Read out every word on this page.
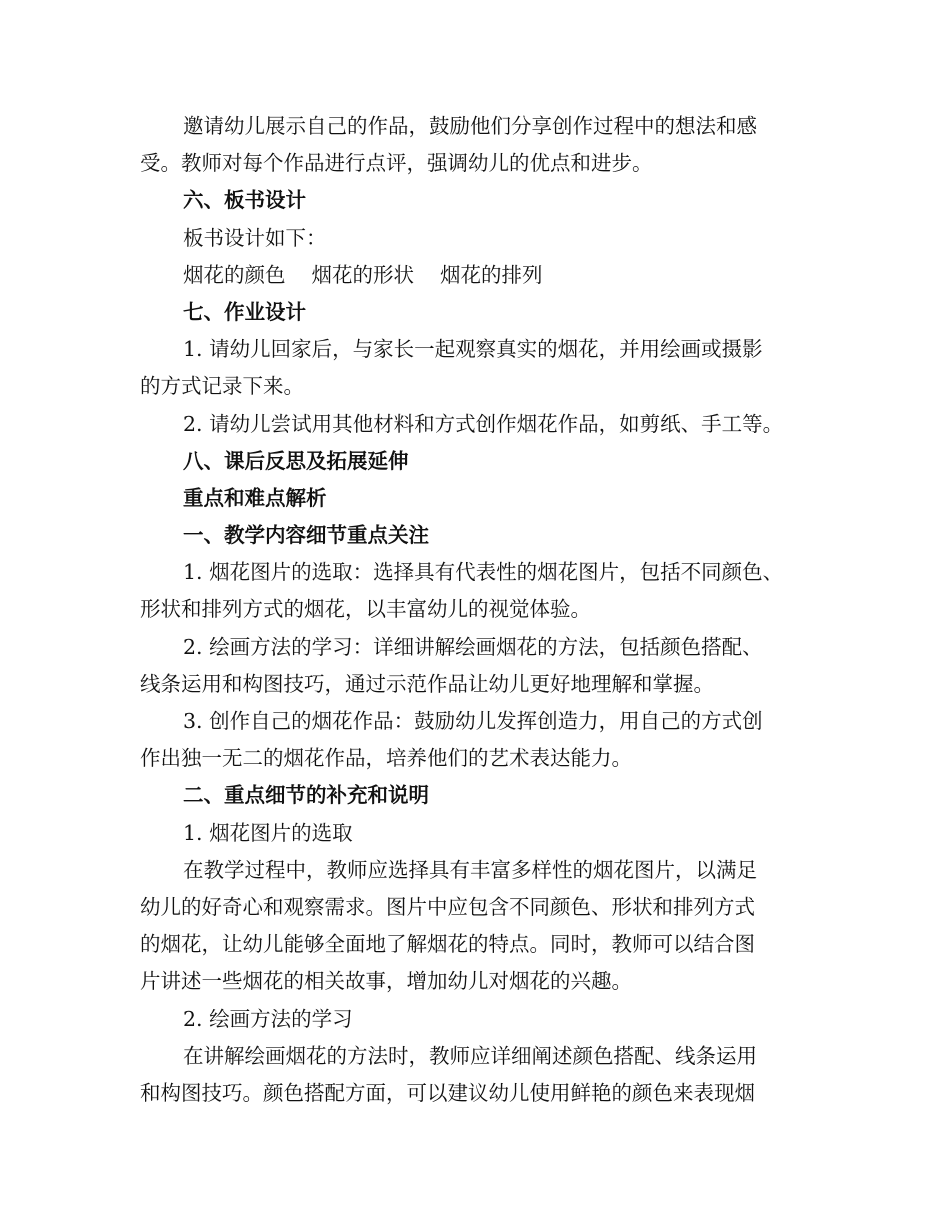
邀请幼儿展示自己的作品，鼓励他们分享创作过程中的想法和感
受。教师对每个作品进行点评，强调幼儿的优点和进步。
六、板书设计
板书设计如下：
烟花的颜色 烟花的形状 烟花的排列
七、作业设计
1. 请幼儿回家后，与家长一起观察真实的烟花，并用绘画或摄影
的方式记录下来。
2. 请幼儿尝试用其他材料和方式创作烟花作品，如剪纸、手工等。
八、课后反思及拓展延伸
重点和难点解析
一、教学内容细节重点关注
1. 烟花图片的选取：选择具有代表性的烟花图片，包括不同颜色、
形状和排列方式的烟花，以丰富幼儿的视觉体验。
2. 绘画方法的学习：详细讲解绘画烟花的方法，包括颜色搭配、
线条运用和构图技巧，通过示范作品让幼儿更好地理解和掌握。
3. 创作自己的烟花作品：鼓励幼儿发挥创造力，用自己的方式创
作出独一无二的烟花作品，培养他们的艺术表达能力。
二、重点细节的补充和说明
1. 烟花图片的选取
在教学过程中，教师应选择具有丰富多样性的烟花图片，以满足
幼儿的好奇心和观察需求。图片中应包含不同颜色、形状和排列方式
的烟花，让幼儿能够全面地了解烟花的特点。同时，教师可以结合图
片讲述一些烟花的相关故事，增加幼儿对烟花的兴趣。
2. 绘画方法的学习
在讲解绘画烟花的方法时，教师应详细阐述颜色搭配、线条运用
和构图技巧。颜色搭配方面，可以建议幼儿使用鲜艳的颜色来表现烟
